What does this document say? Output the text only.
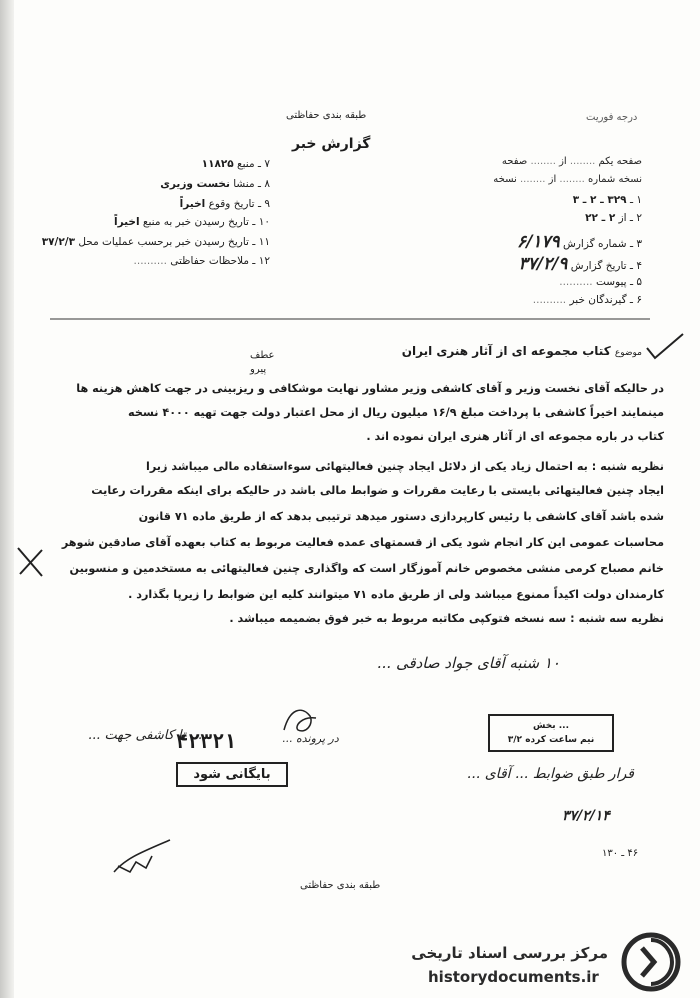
درجه فوریت
طبقه بندی حفاظتی
گزارش خبر
صفحه یکم ........ از ........ صفحه
نسخه شماره ........ از ........ نسخه
۷ ـ منبع ۱۱۸۲۵
۸ ـ منشا نخست وزیری
۹ ـ تاریخ وقوع اخیراً
۱۰ ـ تاریخ رسیدن خبر به منبع اخیراً
۱۱ ـ تاریخ رسیدن خبر برحسب عملیات محل ۳۷/۲/۳
۱۲ ـ ملاحظات حفاظتی ..........
۱ ـ ۳۲۹ ـ ۲ ـ ۳
۲ ـ از ۲ ـ ۲۲
۳ ـ شماره گزارش ۶/۱۷۹
۴ ـ تاریخ گزارش ۳۷/۲/۹
۵ ـ پیوست ..........
۶ ـ گیرندگان خبر ..........
موضوع کتاب مجموعه ای از آثار هنری ایران
عطف
پیرو
در حالیکه آقای نخست وزیر و آقای کاشفی وزیر مشاور نهایت موشکافی و ریزبینی در جهت کاهش هزینه ها
مینمایند اخیراً کاشفی با پرداخت مبلغ ۱۶/۹ میلیون ریال از محل اعتبار دولت جهت تهیه ۴۰۰۰ نسخه
کتاب در باره مجموعه ای از آثار هنری ایران نموده اند .
نظریه شنبه : به احتمال زیاد یکی از دلائل ایجاد چنین فعالیتهائی سوءاستفاده مالی میباشد زیرا
ایجاد چنین فعالیتهائی بایستی با رعایت مقررات و ضوابط مالی باشد در حالیکه برای اینکه مقررات رعایت
شده باشد آقای کاشفی با رئیس کارپردازی دستور میدهد ترتیبی بدهد که از طریق ماده ۷۱ قانون
محاسبات عمومی این کار انجام شود یکی از قسمتهای عمده فعالیت مربوط به کتاب بعهده آقای صادقین شوهر
خانم مصباح کرمی منشی مخصوص خانم آموزگار است که واگذاری چنین فعالیتهائی به مستخدمین و منسوبین
کارمندان دولت اکیداً ممنوع میباشد ولی از طریق ماده ۷۱ میتوانند کلیه این ضوابط را زیرپا بگذارد .
نظریه سه شنبه : سه نسخه فتوکپی مکاتبه مربوط به خبر فوق بضمیمه میباشد .
۱۰ شنبه آقای جواد صادقی ...
... تا کاشفی جهت ...	در پرونده ...
قرار طبق ضوابط ... آقای ...
۳۷/۲/۱۴
۴۲۳۲۱
بایگانی شود
بخش ...
۳/۲ نیم ساعت کرده
۴۶ ـ ۱۳۰
طبقه بندی حفاظتی
مرکز بررسی اسناد تاریخی
historydocuments.ir
